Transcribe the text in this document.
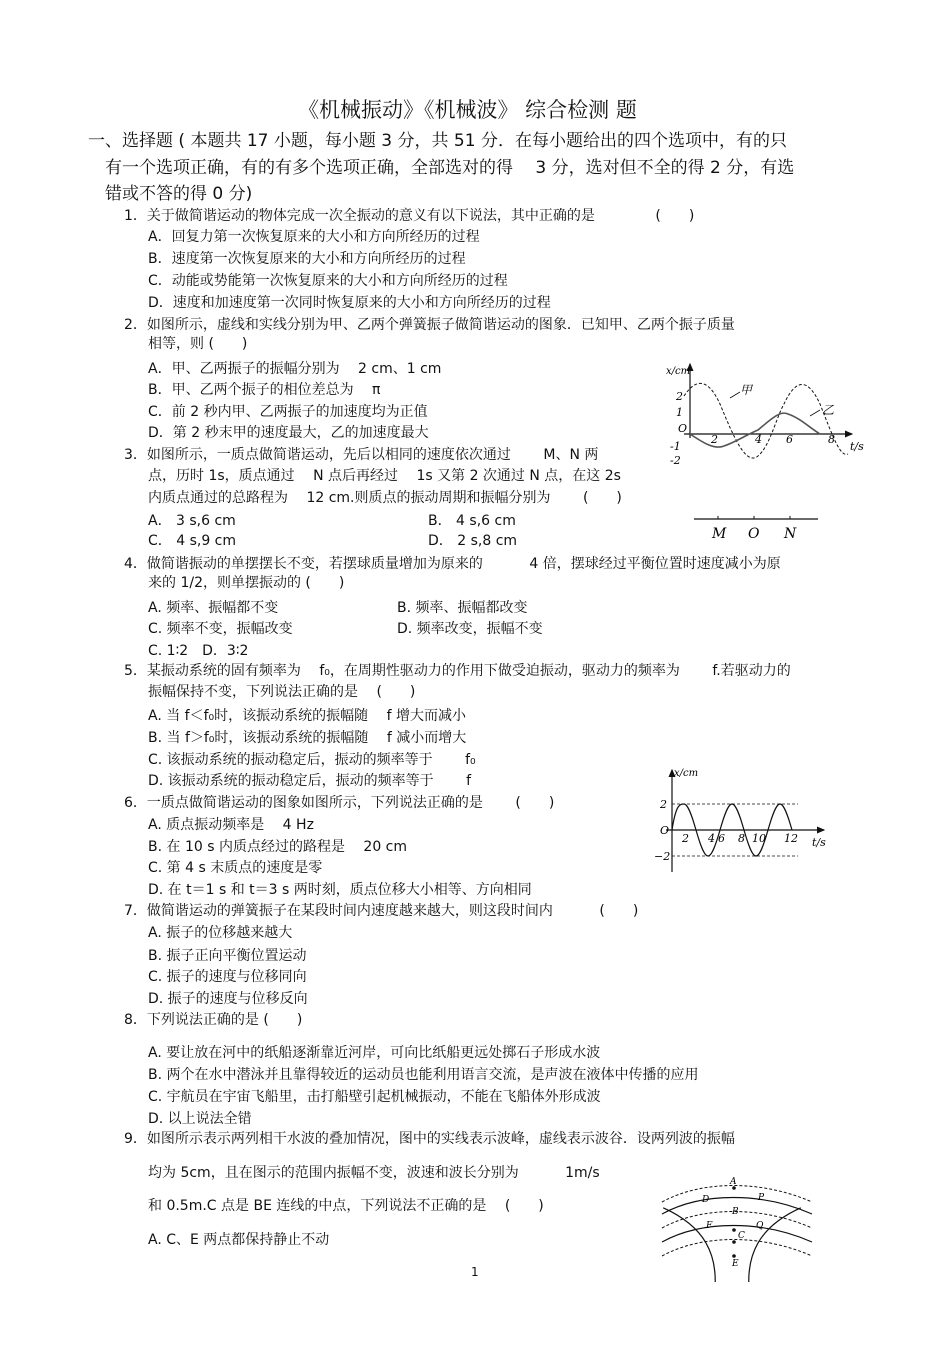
《机械振动》《机械波》 综合检测 题
一、选择题 ( 本题共 17 小题，每小题 3 分，共 51 分．在每小题给出的四个选项中，有的只
有一个选项正确，有的有多个选项正确，全部选对的得 　3 分，选对但不全的得 2 分，有选
错或不答的得 0 分)
1．关于做简谐运动的物体完成一次全振动的意义有以下说法，其中正确的是 　　　　(　　)
A．回复力第一次恢复原来的大小和方向所经历的过程
B．速度第一次恢复原来的大小和方向所经历的过程
C．动能或势能第一次恢复原来的大小和方向所经历的过程
D．速度和加速度第一次同时恢复原来的大小和方向所经历的过程
2．如图所示，虚线和实线分别为甲、乙两个弹簧振子做简谐运动的图象．已知甲、乙两个振子质量
相等，则 (　　)
A．甲、乙两振子的振幅分别为 　2 cm、1 cm
B．甲、乙两个振子的相位差总为 　π
C．前 2 秒内甲、乙两振子的加速度均为正值
D．第 2 秒末甲的速度最大，乙的加速度最大
x/cm
t/s
2
1
-1
-2
O
2	4 6	8
甲
乙
3．如图所示，一质点做简谐运动，先后以相同的速度依次通过 　　M、N 两
点，历时 1s，质点通过 　N 点后再经过 　1s 又第 2 次通过 N 点，在这 2s
内质点通过的总路程为 　12 cm.则质点的振动周期和振幅分别为 　　(　　)
A． 3 s,6 cm	B． 4 s,6 cm
C． 4 s,9 cm	D． 2 s,8 cm	M O N
4．做简谐振动的单摆摆长不变，若摆球质量增加为原来的 　　　4 倍，摆球经过平衡位置时速度减小为原
来的 1/2，则单摆振动的 (　　)
A. 频率、振幅都不变	B. 频率、振幅都改变
C. 频率不变，振幅改变	D. 频率改变，振幅不变
C. 1∶2　D．3∶2
5．某振动系统的固有频率为 　f₀，在周期性驱动力的作用下做受迫振动，驱动力的频率为 　　f.若驱动力的
振幅保持不变，下列说法正确的是 　(　　)
A. 当 f＜f₀时，该振动系统的振幅随 　f 增大而减小
B. 当 f＞f₀时，该振动系统的振幅随 　f 减小而增大
C. 该振动系统的振动稳定后，振动的频率等于 　　f₀
D. 该振动系统的振动稳定后，振动的频率等于 　　f	x/cm
t/s
2
−2
O
2 4 6 8 10 12
6．一质点做简谐运动的图象如图所示，下列说法正确的是 　　(　　)
A. 质点振动频率是 　4 Hz
B. 在 10 s 内质点经过的路程是 　20 cm
C. 第 4 s 末质点的速度是零
D. 在 t＝1 s 和 t＝3 s 两时刻，质点位移大小相等、方向相同
7．做简谐运动的弹簧振子在某段时间内速度越来越大，则这段时间内 　　　(　　)
A. 振子的位移越来越大
B. 振子正向平衡位置运动
C. 振子的速度与位移同向
D. 振子的速度与位移反向
8．下列说法正确的是 (　　)
A. 要让放在河中的纸船逐渐靠近河岸，可向比纸船更远处掷石子形成水波
B. 两个在水中潜泳并且靠得较近的运动员也能利用语言交流，是声波在液体中传播的应用
C. 宇航员在宇宙飞船里，击打船壁引起机械振动，不能在飞船体外形成波
D. 以上说法全错
9．如图所示表示两列相干水波的叠加情况，图中的实线表示波峰，虚线表示波谷．设两列波的振幅
均为 5cm，且在图示的范围内振幅不变，波速和波长分别为 　　　1m/s
和 0.5m.C 点是 BE 连线的中点，下列说法不正确的是 　(　　)
A. C、E 两点都保持静止不动
A
D	P
B
F	Q
C
E
1
